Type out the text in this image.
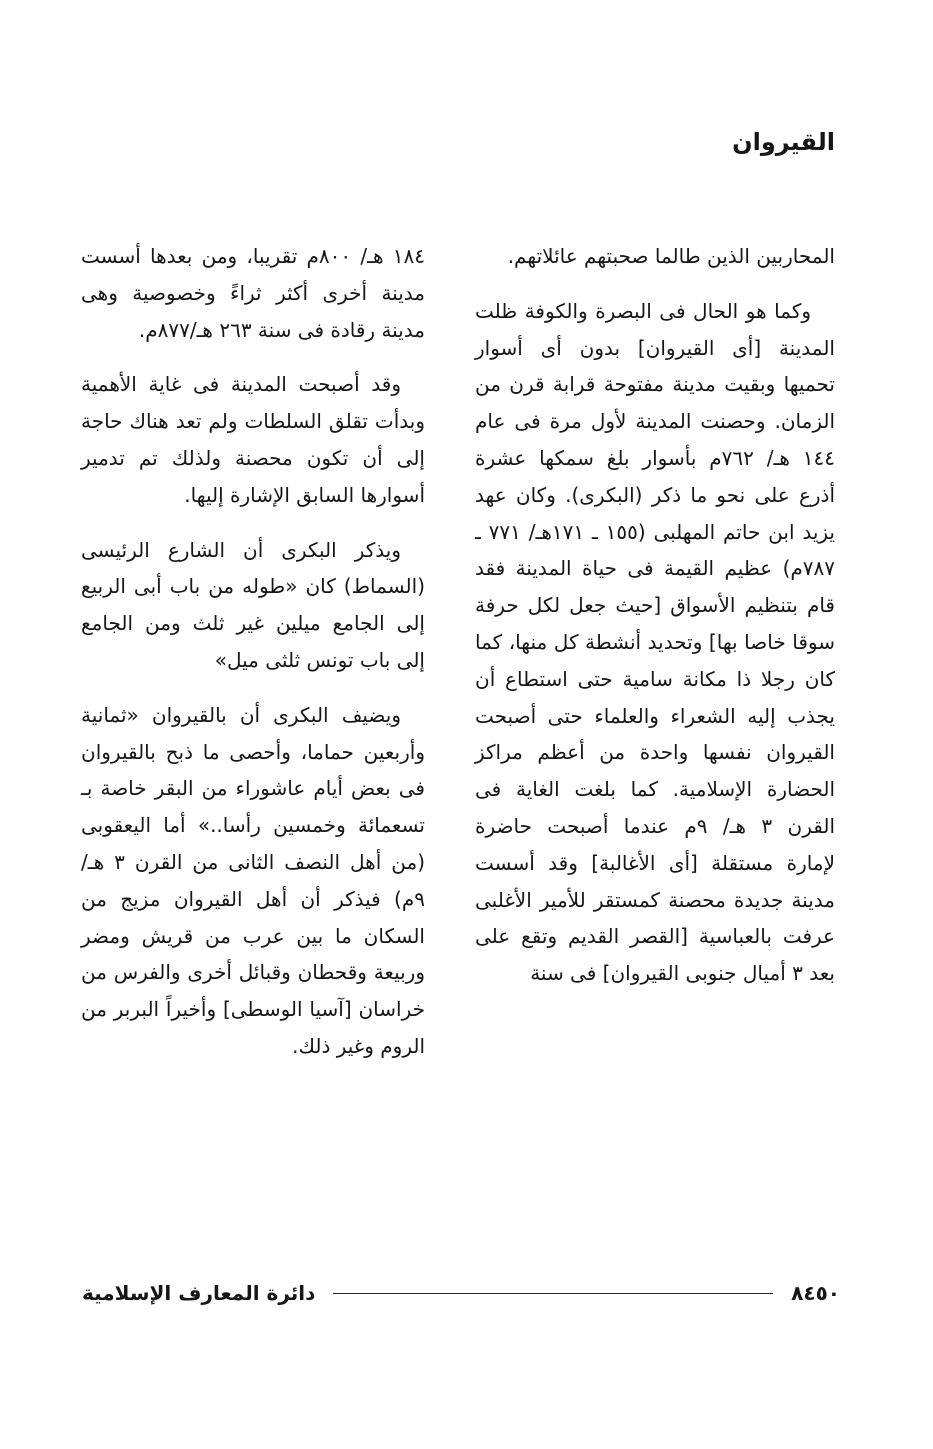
القيروان

المحاربين الذين طالما صحبتهم عائلاتهم.

وكما هو الحال فى البصرة والكوفة ظلت المدينة [أى القيروان] بدون أى أسوار تحميها وبقيت مدينة مفتوحة قرابة قرن من الزمان. وحصنت المدينة لأول مرة فى عام ١٤٤ هـ/ ٧٦٢م بأسوار بلغ سمكها عشرة أذرع على نحو ما ذكر (البكرى). وكان عهد يزيد ابن حاتم المهلبى (١٥٥ ـ ١٧١هـ/ ٧٧١ ـ ٧٨٧م) عظيم القيمة فى حياة المدينة فقد قام بتنظيم الأسواق [حيث جعل لكل حرفة سوقا خاصا بها] وتحديد أنشطة كل منها، كما كان رجلا ذا مكانة سامية حتى استطاع أن يجذب إليه الشعراء والعلماء حتى أصبحت القيروان نفسها واحدة من أعظم مراكز الحضارة الإسلامية. كما بلغت الغاية فى القرن ٣ هـ/ ٩م عندما أصبحت حاضرة لإمارة مستقلة [أى الأغالبة] وقد أسست مدينة جديدة محصنة كمستقر للأمير الأغلبى عرفت بالعباسية [القصر القديم وتقع على بعد ٣ أميال جنوبى القيروان] فى سنة

١٨٤ هـ/ ٨٠٠م تقريبا، ومن بعدها أسست مدينة أخرى أكثر ثراءً وخصوصية وهى مدينة رقادة فى سنة ٢٦٣ هـ/٨٧٧م.

وقد أصبحت المدينة فى غاية الأهمية وبدأت تقلق السلطات ولم تعد هناك حاجة إلى أن تكون محصنة ولذلك تم تدمير أسوارها السابق الإشارة إليها.

ويذكر البكرى أن الشارع الرئيسى (السماط) كان «طوله من باب أبى الربيع إلى الجامع ميلين غير ثلث ومن الجامع إلى باب تونس ثلثى ميل»

ويضيف البكرى أن بالقيروان «ثمانية وأربعين حماما، وأحصى ما ذبح بالقيروان فى بعض أيام عاشوراء من البقر خاصة بـ تسعمائة وخمسين رأسا..» أما اليعقوبى (من أهل النصف الثانى من القرن ٣ هـ/ ٩م) فيذكر أن أهل القيروان مزيج من السكان ما بين عرب من قريش ومضر وربيعة وقحطان وقبائل أخرى والفرس من خراسان [آسيا الوسطى] وأخيراً البربر من الروم وغير ذلك.

دائرة المعارف الإسلامية	٨٤٥٠
